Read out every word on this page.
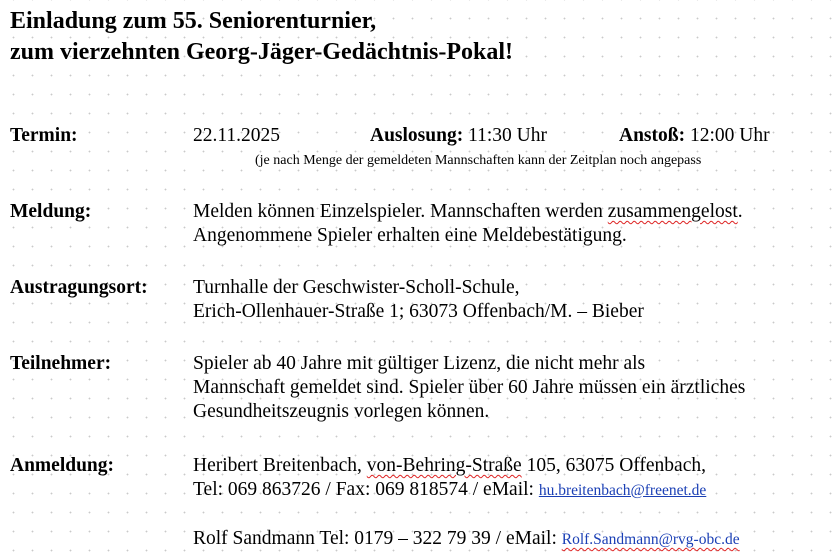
Einladung zum 55. Seniorenturnier,
zum vierzehnten Georg-Jäger-Gedächtnis-Pokal!
Termin:	22.11.2025	Auslosung: 11:30 Uhr	Anstoß: 12:00 Uhr
(je nach Menge der gemeldeten Mannschaften kann der Zeitplan noch angepass
Meldung:	Melden können Einzelspieler. Mannschaften werden zusammengelost.
Angenommene Spieler erhalten eine Meldebestätigung.
Austragungsort: Turnhalle der Geschwister-Scholl-Schule,
Erich-Ollenhauer-Straße 1; 63073 Offenbach/M. – Bieber
Teilnehmer:	Spieler ab 40 Jahre mit gültiger Lizenz, die nicht mehr als
Mannschaft gemeldet sind. Spieler über 60 Jahre müssen ein ärztliches
Gesundheitszeugnis vorlegen können.
Anmeldung:	Heribert Breitenbach, von-Behring-Straße 105, 63075 Offenbach,
Tel: 069 863726 / Fax: 069 818574 / eMail: hu.breitenbach@freenet.de
Rolf Sandmann Tel: 0179 – 322 79 39 / eMail: Rolf.Sandmann@rvg-obc.de
